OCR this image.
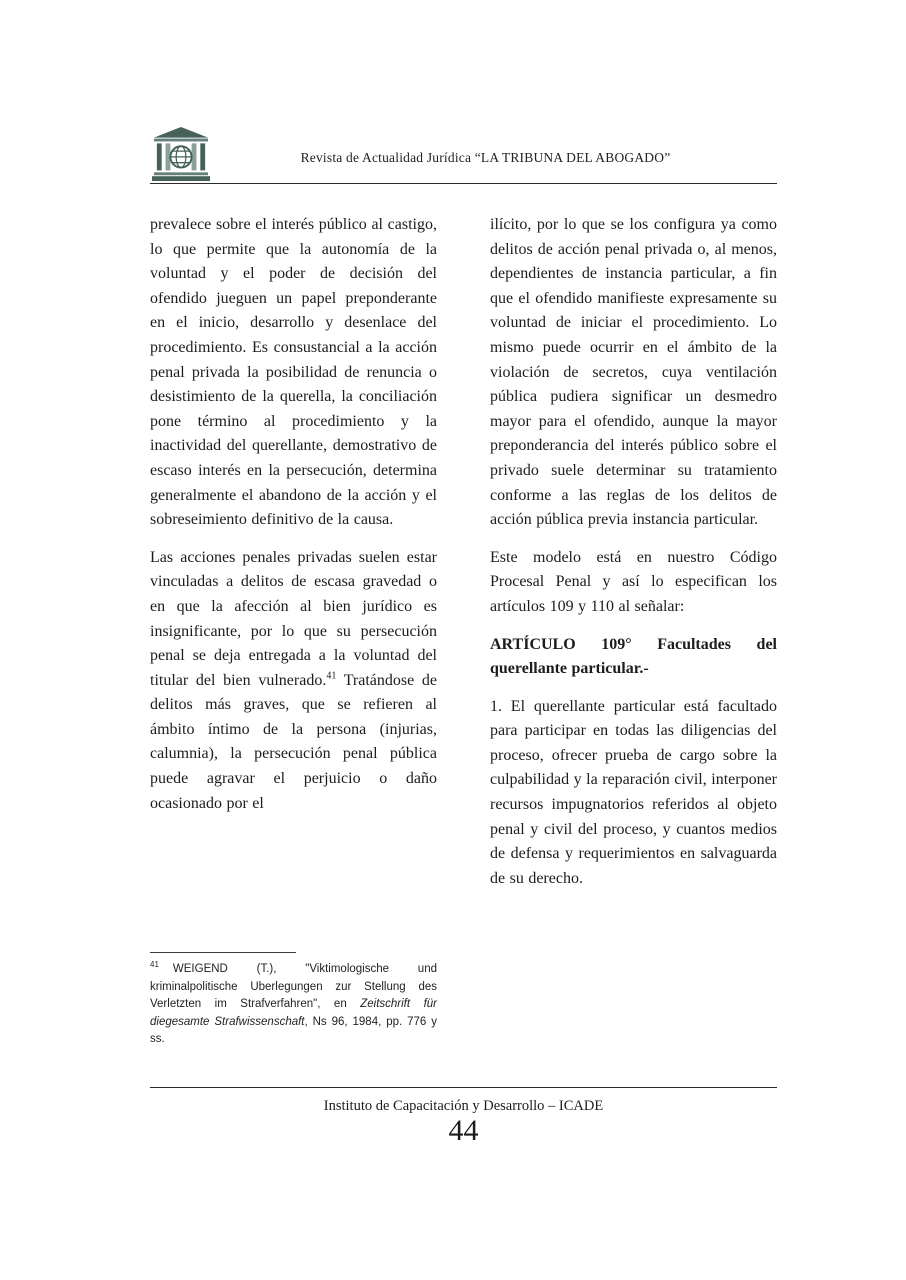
Revista de Actualidad Jurídica “LA TRIBUNA DEL ABOGADO”

prevalece sobre el interés público al castigo, lo que permite que la autonomía de la voluntad y el poder de decisión del ofendido jueguen un papel preponderante en el inicio, desarrollo y desenlace del procedimiento. Es consustancial a la acción penal privada la posibilidad de renuncia o desistimiento de la querella, la conciliación pone término al procedimiento y la inactividad del querellante, demostrativo de escaso interés en la persecución, determina generalmente el abandono de la acción y el sobreseimiento definitivo de la causa.

Las acciones penales privadas suelen estar vinculadas a delitos de escasa gravedad o en que la afección al bien jurídico es insignificante, por lo que su persecución penal se deja entregada a la voluntad del titular del bien vulnerado.$^{41}$ Tratándose de delitos más graves, que se refieren al ámbito íntimo de la persona (injurias, calumnia), la persecución penal pública puede agravar el perjuicio o daño ocasionado por el

ilícito, por lo que se los configura ya como delitos de acción penal privada o, al menos, dependientes de instancia particular, a fin que el ofendido manifieste expresamente su voluntad de iniciar el procedimiento. Lo mismo puede ocurrir en el ámbito de la violación de secretos, cuya ventilación pública pudiera significar un desmedro mayor para el ofendido, aunque la mayor preponderancia del interés público sobre el privado suele determinar su tratamiento conforme a las reglas de los delitos de acción pública previa instancia particular.

Este modelo está en nuestro Código Procesal Penal y así lo especifican los artículos 109 y 110 al señalar:

ARTÍCULO 109° Facultades del querellante particular.-

1. El querellante particular está facultado para participar en todas las diligencias del proceso, ofrecer prueba de cargo sobre la culpabilidad y la reparación civil, interponer recursos impugnatorios referidos al objeto penal y civil del proceso, y cuantos medios de defensa y requerimientos en salvaguarda de su derecho.

$^{41}$ WEIGEND (T.), "Viktimologische und kriminalpolitische Uberlegungen zur Stellung des Verletzten im Strafverfahren", en Zeitschrift für diegesamte Strafwissenschaft, Ns 96, 1984, pp. 776 y ss.
Instituto de Capacitación y Desarrollo – ICADE
44
